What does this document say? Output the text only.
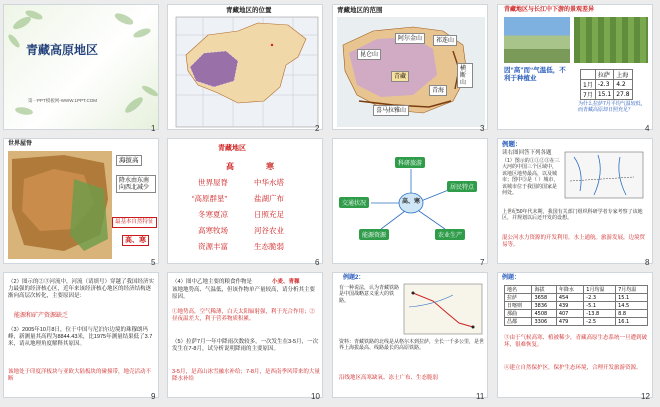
青藏高原地区
第一PPT模板网-WWW.1PPT.COM
1
青藏地区的位置
2
青藏地区的范围
昆仑山
阿尔金山	祁连山
横断山
青藏
喜马拉雅山
青海
3
青藏地区与长江中下游的景观差异
因“高”而“气温低，不利于种植业
		拉萨	上海
1月	-2.3	4.2
7月	15.1	27.8
为什么拉萨7月平均气温较低，而青藏高原却日照充足？
4
世界屋脊
海拔高
降水由东南向西北减少
最基本自然特征
高、寒
5
青藏地区
高	寒
世界屋脊	中华水塔
“高原群星”	盐湖广布
冬寒夏凉	日照充足
高寒牧场	河谷农业
资源丰富	生态脆弱
6
高、寒
科研旅游
交通状况
居民特点
能源资源	农业生产
7
例题：
读右图回答下列各题
（1）图示的①①②③在三大河的中国三个区域中，该地区地势最高，以及城市；图中③是（ ）城市，该城市位于我国的国家是何处。
上世纪50年代末期，我国有关部门组织科研学者专家考察了该地区，并规划以后还开发的设想。
混公河水力资源的开发利用。水上通航。旅游发展，边境贸易等。
8
（2）图示的②③河流中，河流（请填号）穿越了我国经济实力最强的经济核心区，近年来该经济核心地区的经济结构逐渐向高层次转化，主要原因是：
能源和矿产资源缺乏
（3）2005年10月8日，位于中国与尼泊尔边境的珠穆朗玛峰，新测量其高程为8844.43米，比1975年测量结果低了3.7米，请从地理角度解释其原因。
该地处于印度洋板块与亚欧大陆板块的碰撞带，地壳活动不断
9
（4）图中乙地主要的粮食作物是	小麦、青稞
该地地势高、气温低，但该作物单产量较高，请分析其主要原因。
①地势高，空气稀薄，白天太阳辐射强，利于光合作用；②昼夜温差大，利于营养物质积累。
（5）拉萨7月一年中降雨次数较多，一次发生在3-5月，一次发生在7-8月，试分析说明降雨的主要原因。
3-5月，是高山冰雪融水补给；7-8月，是西南季风带来的大量降水补给
10
例题2：
有一种说法，认为青藏铁路是中国战略意义重大的铁路。
资料：青藏铁路的北线是从格尔木到拉萨，全长一千多公里，是世界上海拔最高、线路最长的高原铁路。
沿线地区高寒缺氧、冻土广布、生态脆弱
11
例题：
地名	海拔	年降水	1月均温	7月均温
拉萨	3658	454	-2.3	15.1
日喀则	3836	439	-5.1	14.5
那曲	4508	407	-13.8	8.8
昌都	3306	479	-2.5	16.1
③由于气候高寒、植被稀少，青藏高原生态系统一旦遭到破坏，很难恢复。
④建立自然保护区，保护生态环境，合理开发旅游资源。
12
